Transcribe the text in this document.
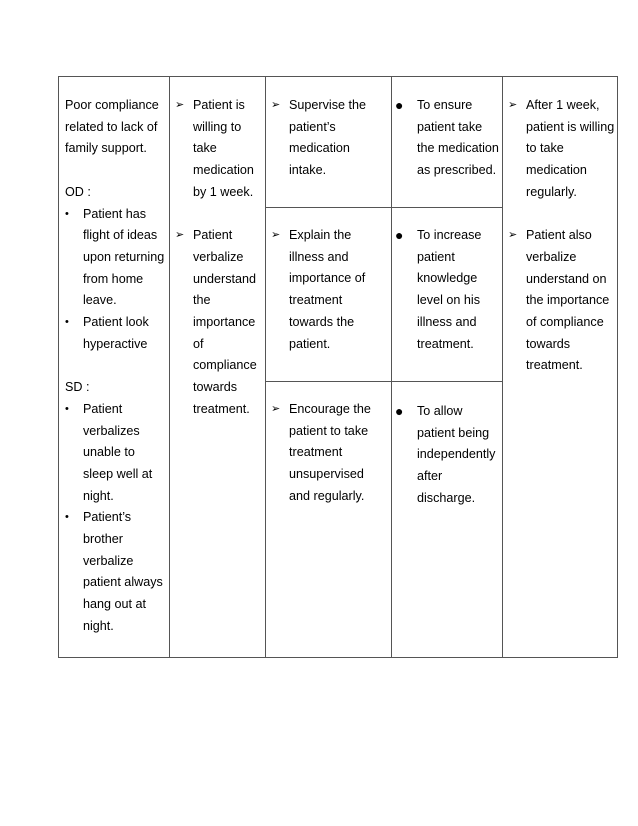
Poor compliance

related to lack of

family support.

OD :

• Patient has

flight of ideas

upon returning

from home

leave.

• Patient look

hyperactive

SD :

• Patient

verbalizes

unable to

sleep well at

night.

• Patient’s

brother

verbalize

patient always

hang out at

night.

➢ Patient is

willing to

take

medication

by 1 week.

➢ Patient

verbalize

understand

the

importance

of

compliance

towards

treatment.

➢ Supervise the

patient’s

medication

intake.

➢ Explain the

illness and

importance of

treatment

towards the

patient.

➢ Encourage the

patient to take

treatment

unsupervised

and regularly.

● To ensure

patient take

the medication

as prescribed.

● To increase

patient

knowledge

level on his

illness and

treatment.

● To allow

patient being

independently

after

discharge.

➢ After 1 week,

patient is willing

to take

medication

regularly.

➢ Patient also

verbalize

understand on

the importance

of compliance

towards

treatment.
